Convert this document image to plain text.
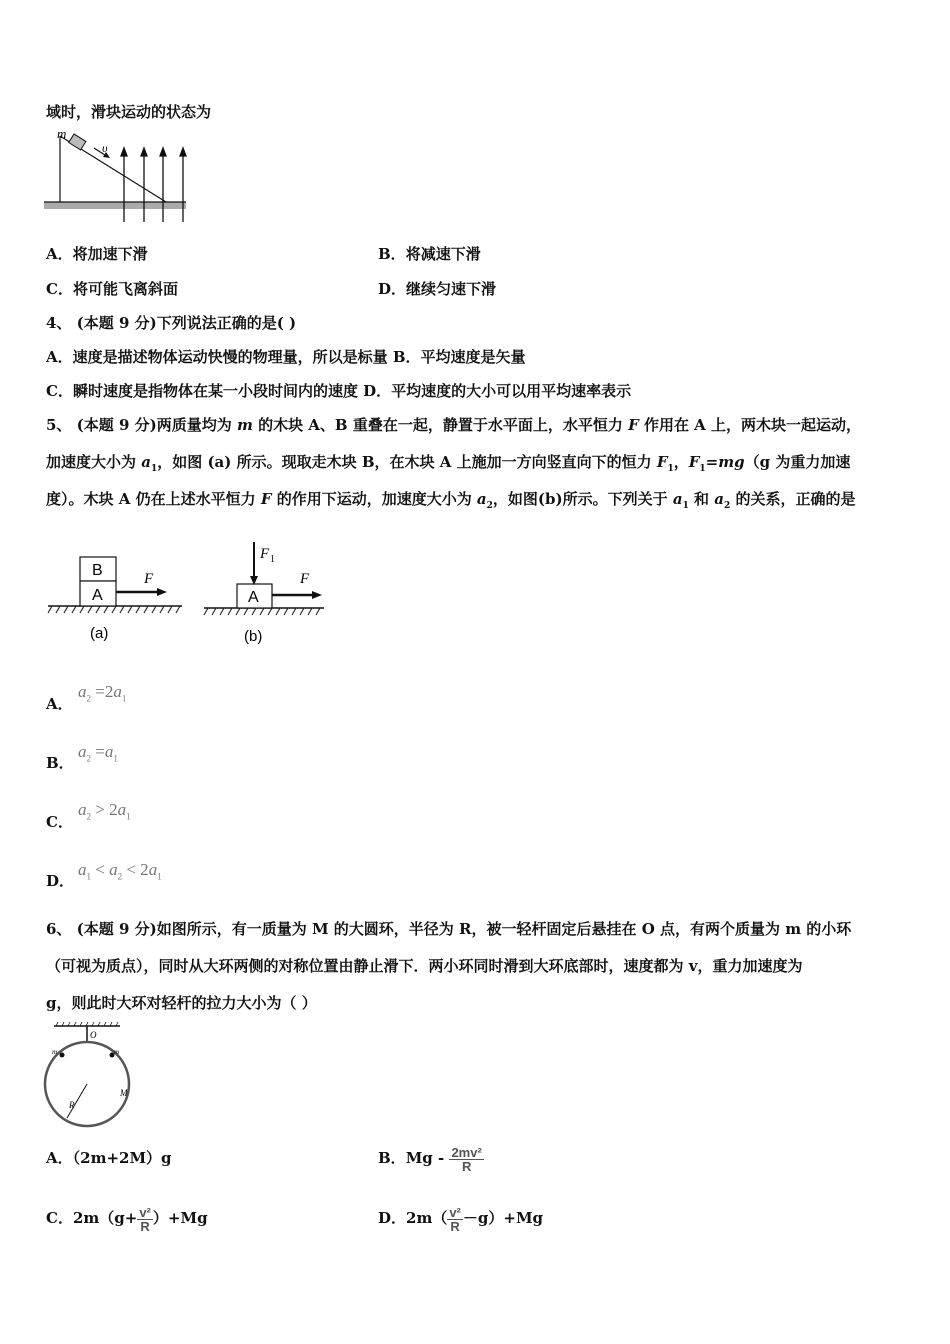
域时，滑块运动的状态为
m
υ
A．将加速下滑	B．将减速下滑
C．将可能飞离斜面	D．继续匀速下滑
4、 (本题 9 分)下列说法正确的是( )
A．速度是描述物体运动快慢的物理量，所以是标量 B．平均速度是矢量
C．瞬时速度是指物体在某一小段时间内的速度 D．平均速度的大小可以用平均速率表示
5、 (本题 9 分)两质量均为 m 的木块 A、B 重叠在一起，静置于水平面上，水平恒力 F 作用在 A 上，两木块一起运动，
加速度大小为 $a_1$，如图 (a) 所示。现取走木块 B，在木块 A 上施加一方向竖直向下的恒力 $F_1$，$F_1=mg(g$ 为重力加速
度）。木块 A 仍在上述水平恒力 F 的作用下运动，加速度大小为 $a_2$，如图(b)所示。下列关于 $a_1$ 和 $a_2$ 的关系，正确的是
B
A
F
(a)
A
F 1
F
(b)
A．
$a_2 =2a_1$
B．
$a_2 =a_1$
C．
$a_2 > 2a_1$
D．
$a_1 < a_2 < 2a_1$
6、 (本题 9 分)如图所示，有一质量为 M 的大圆环，半径为 R，被一轻杆固定后悬挂在 O 点，有两个质量为 m 的小环
（可视为质点），同时从大环两侧的对称位置由静止滑下．两小环同时滑到大环底部时，速度都为 v，重力加速度为
g，则此时大环对轻杆的拉力大小为（ ）
O
m	m
M
R
A．（2m+2M）g	B．Mg - $\frac{\text{2mv²}}{R}$
C．$2m(g+ \frac{\text{v²}}{R} )+Mg$	D．$2m( \frac{\text{v²}}{R} -g)+Mg$
